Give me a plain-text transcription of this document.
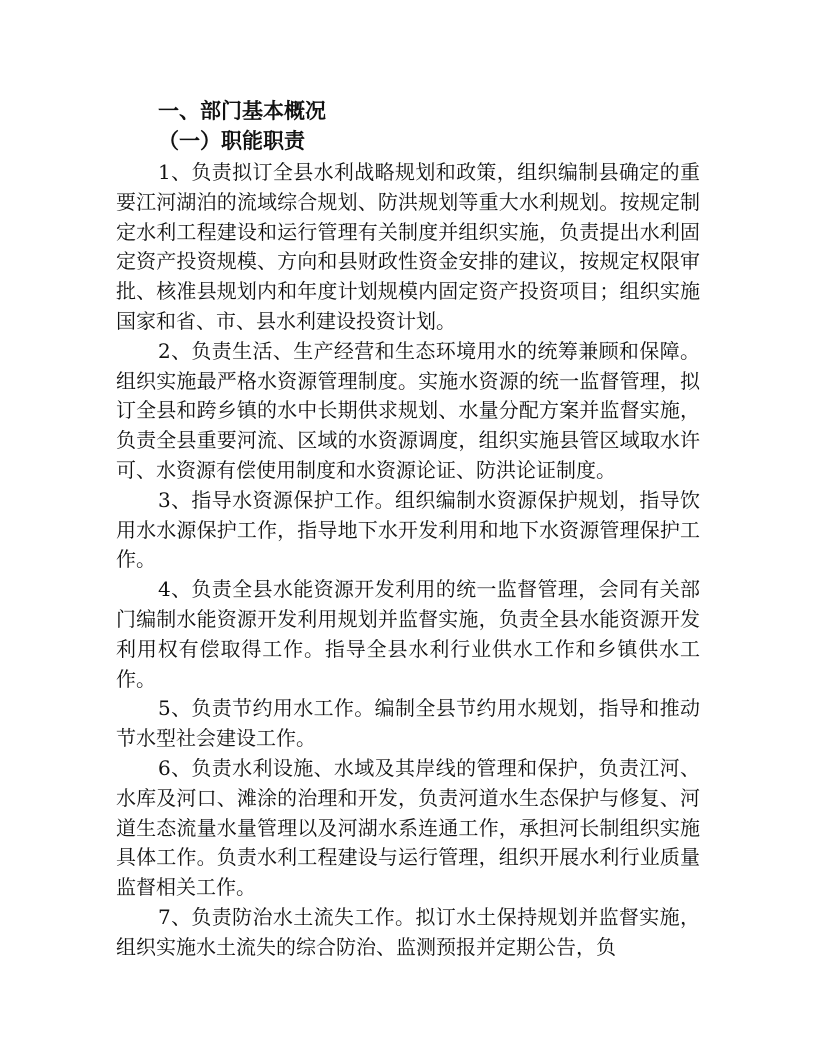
一、部门基本概况
（一）职能职责

1、负责拟订全县水利战略规划和政策，组织编制县确定的重要江河湖泊的流域综合规划、防洪规划等重大水利规划。按规定制定水利工程建设和运行管理有关制度并组织实施，负责提出水利固定资产投资规模、方向和县财政性资金安排的建议，按规定权限审批、核准县规划内和年度计划规模内固定资产投资项目；组织实施国家和省、市、县水利建设投资计划。

2、负责生活、生产经营和生态环境用水的统筹兼顾和保障。组织实施最严格水资源管理制度。实施水资源的统一监督管理，拟订全县和跨乡镇的水中长期供求规划、水量分配方案并监督实施，负责全县重要河流、区域的水资源调度，组织实施县管区域取水许可、水资源有偿使用制度和水资源论证、防洪论证制度。

3、指导水资源保护工作。组织编制水资源保护规划，指导饮用水水源保护工作，指导地下水开发利用和地下水资源管理保护工作。

4、负责全县水能资源开发利用的统一监督管理，会同有关部门编制水能资源开发利用规划并监督实施，负责全县水能资源开发利用权有偿取得工作。指导全县水利行业供水工作和乡镇供水工作。

5、负责节约用水工作。编制全县节约用水规划，指导和推动节水型社会建设工作。

6、负责水利设施、水域及其岸线的管理和保护，负责江河、水库及河口、滩涂的治理和开发，负责河道水生态保护与修复、河道生态流量水量管理以及河湖水系连通工作，承担河长制组织实施具体工作。负责水利工程建设与运行管理，组织开展水利行业质量监督相关工作。

7、负责防治水土流失工作。拟订水土保持规划并监督实施，组织实施水土流失的综合防治、监测预报并定期公告，负
